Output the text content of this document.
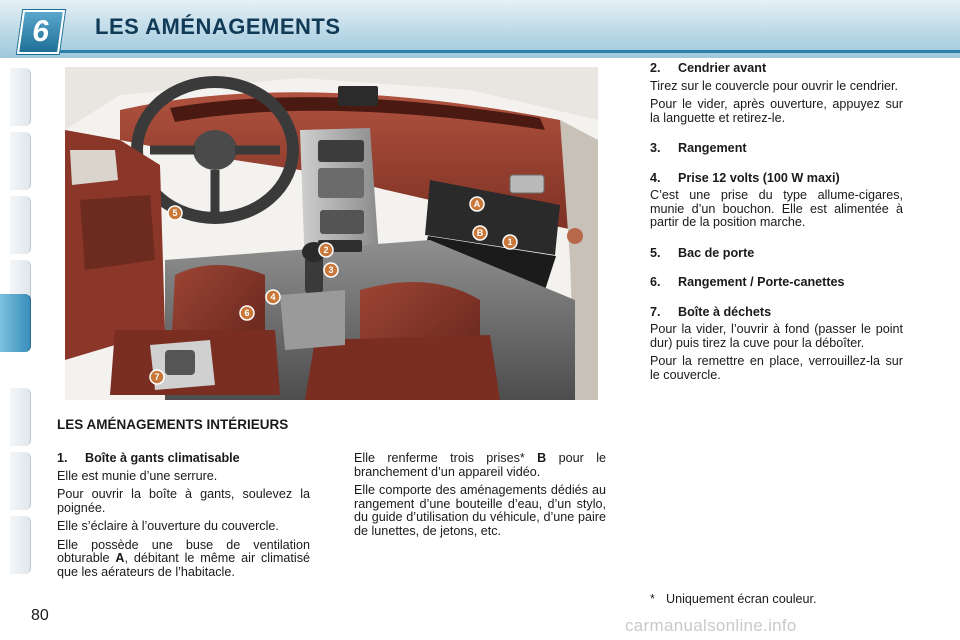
6	LES AMÉNAGEMENTS
1
2
3
4
5
6
7
A
B
LES AMÉNAGEMENTS INTÉRIEURS
1. Boîte à gants climatisable

Elle est munie d’une serrure.

Pour ouvrir la boîte à gants, soulevez la poignée.

Elle s’éclaire à l’ouverture du couvercle.

Elle possède une buse de ventilation obturable A, débitant le même air climatisé que les aérateurs de l’habitacle.

Elle renferme trois prises* B pour le branchement d’un appareil vidéo.

Elle comporte des aménagements dédiés au rangement d’une bouteille d’eau, d’un stylo, du guide d’utilisation du véhicule, d’une paire de lunettes, de jetons, etc.

2. Cendrier avant

Tirez sur le couvercle pour ouvrir le cendrier.

Pour le vider, après ouverture, appuyez sur la languette et retirez-le.

3. Rangement
4. Prise 12 volts (100 W maxi)

C’est une prise du type allume-cigares, munie d’un bouchon. Elle est alimentée à partir de la position marche.

5. Bac de porte
6. Rangement / Porte-canettes
7. Boîte à déchets

Pour la vider, l’ouvrir à fond (passer le point dur) puis tirez la cuve pour la déboîter.

Pour la remettre en place, verrouillez-la sur le couvercle.

* Uniquement écran couleur.
80
carmanualsonline.info
